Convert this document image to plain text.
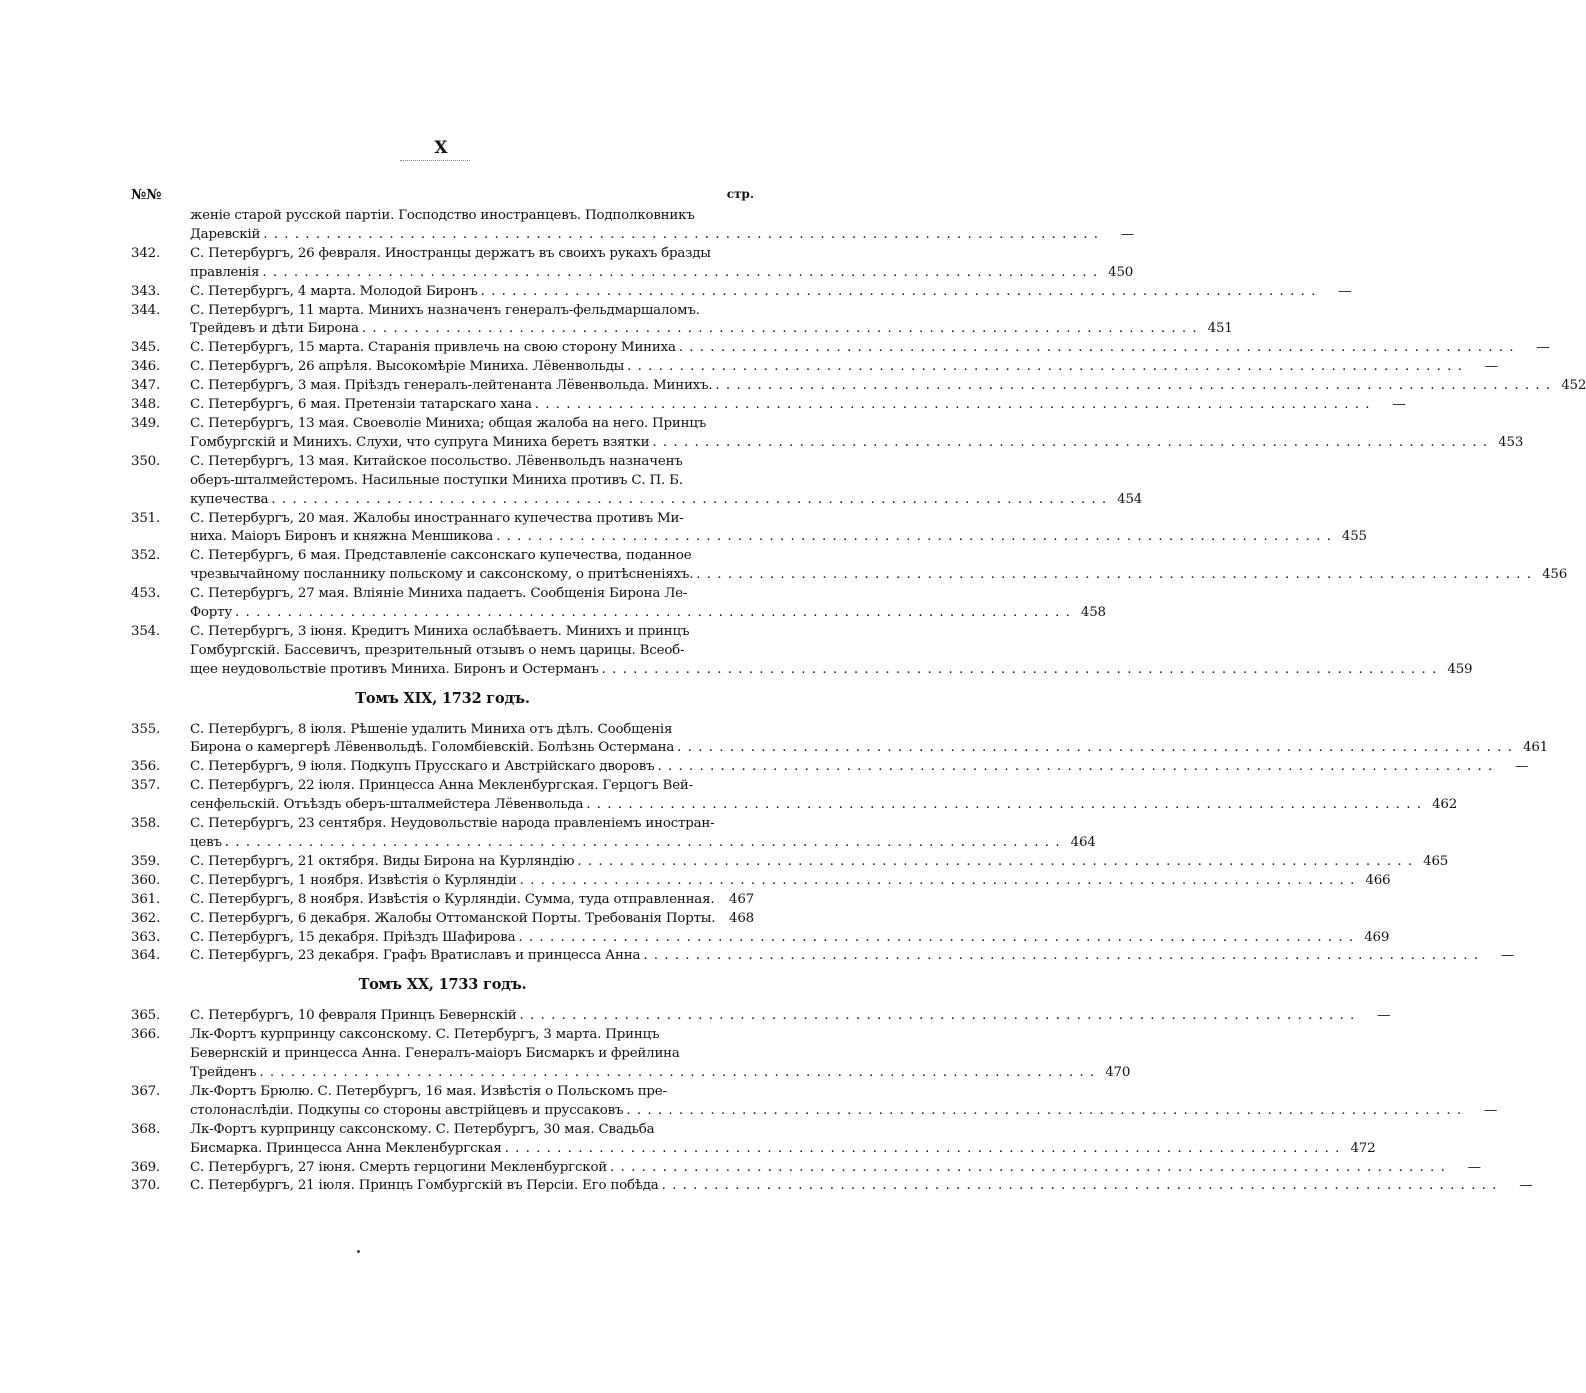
X
№№	стр.
женіе старой русской партіи. Господство иностранцевъ. Подполковникъ
Даревскій . . . . . . . . . . . . . . . . . . . . . . . . . . . . . . . . . . . . . . . . . . . . . . . . . . . . . . . . . . . . . . . . . . . . . . . . . . . . . . . .	—
342.	С. Петербургъ, 26 февраля. Иностранцы держатъ въ своихъ рукахъ бразды
правленія . . . . . . . . . . . . . . . . . . . . . . . . . . . . . . . . . . . . . . . . . . . . . . . . . . . . . . . . . . . . . . . . . . . . . . . . . . . . . . . . 450
343.	С. Петербургъ, 4 марта. Молодой Биронъ . . . . . . . . . . . . . . . . . . . . . . . . . . . . . . . . . . . . . . . . . . . . . . . . . . . . . . . . . . . . . . . . . . . . . . . . . . . . . . . .	—
344.	С. Петербургъ, 11 марта. Минихъ назначенъ генералъ-фельдмаршаломъ.
Трейдевъ и дѣти Бирона . . . . . . . . . . . . . . . . . . . . . . . . . . . . . . . . . . . . . . . . . . . . . . . . . . . . . . . . . . . . . . . . . . . . . . . . . . . . . . . . 451
345.	С. Петербургъ, 15 марта. Старанія привлечь на свою сторону Миниха . . . . . . . . . . . . . . . . . . . . . . . . . . . . . . . . . . . . . . . . . . . . . . . . . . . . . . . . . . . . . . . . . . . . . . . . . . . . . . . .	—
346.	С. Петербургъ, 26 апрѣля. Высокомѣріе Миниха. Лёвенвольды . . . . . . . . . . . . . . . . . . . . . . . . . . . . . . . . . . . . . . . . . . . . . . . . . . . . . . . . . . . . . . . . . . . . . . . . . . . . . . . .	—
347.	С. Петербургъ, 3 мая. Пріѣздъ генералъ-лейтенанта Лёвенвольда. Минихъ. . . . . . . . . . . . . . . . . . . . . . . . . . . . . . . . . . . . . . . . . . . . . . . . . . . . . . . . . . . . . . . . . . . . . . . . . . . . . . . . . 452
348.	С. Петербургъ, 6 мая. Претензіи татарскаго хана . . . . . . . . . . . . . . . . . . . . . . . . . . . . . . . . . . . . . . . . . . . . . . . . . . . . . . . . . . . . . . . . . . . . . . . . . . . . . . . .	—
349.	С. Петербургъ, 13 мая. Своеволіе Миниха; общая жалоба на него. Принцъ
Гомбургскій и Минихъ. Слухи, что супруга Миниха беретъ взятки . . . . . . . . . . . . . . . . . . . . . . . . . . . . . . . . . . . . . . . . . . . . . . . . . . . . . . . . . . . . . . . . . . . . . . . . . . . . . . . . 453
350.	С. Петербургъ, 13 мая. Китайское посольство. Лёвенвольдъ назначенъ
оберъ-шталмейстеромъ. Насильные поступки Миниха противъ С. П. Б.
купечества . . . . . . . . . . . . . . . . . . . . . . . . . . . . . . . . . . . . . . . . . . . . . . . . . . . . . . . . . . . . . . . . . . . . . . . . . . . . . . . . 454
351.	С. Петербургъ, 20 мая. Жалобы иностраннаго купечества противъ Ми-
ниха. Маіоръ Биронъ и княжна Меншикова . . . . . . . . . . . . . . . . . . . . . . . . . . . . . . . . . . . . . . . . . . . . . . . . . . . . . . . . . . . . . . . . . . . . . . . . . . . . . . . . 455
352.	С. Петербургъ, 6 мая. Представленіе саксонскаго купечества, поданное
чрезвычайному посланнику польскому и саксонскому, о притѣсненіяхъ. . . . . . . . . . . . . . . . . . . . . . . . . . . . . . . . . . . . . . . . . . . . . . . . . . . . . . . . . . . . . . . . . . . . . . . . . . . . . . . . . 456
453.	С. Петербургъ, 27 мая. Вліяніе Миниха падаетъ. Сообщенія Бирона Ле-
Форту . . . . . . . . . . . . . . . . . . . . . . . . . . . . . . . . . . . . . . . . . . . . . . . . . . . . . . . . . . . . . . . . . . . . . . . . . . . . . . . . 458
354.	С. Петербургъ, 3 іюня. Кредитъ Миниха ослабѣваетъ. Минихъ и принцъ
Гомбургскій. Бассевичъ, презрительный отзывъ о немъ царицы. Всеоб-
щее неудовольствіе противъ Миниха. Биронъ и Остерманъ . . . . . . . . . . . . . . . . . . . . . . . . . . . . . . . . . . . . . . . . . . . . . . . . . . . . . . . . . . . . . . . . . . . . . . . . . . . . . . . . 459
Томъ XIX, 1732 годъ.
355.	С. Петербургъ, 8 іюля. Рѣшеніе удалить Миниха отъ дѣлъ. Сообщенія
Бирона о камергерѣ Лёвенвольдѣ. Голомбіевскій. Болѣзнь Остермана . . . . . . . . . . . . . . . . . . . . . . . . . . . . . . . . . . . . . . . . . . . . . . . . . . . . . . . . . . . . . . . . . . . . . . . . . . . . . . . . 461
356.	С. Петербургъ, 9 іюля. Подкупъ Прусскаго и Австрійскаго дворовъ . . . . . . . . . . . . . . . . . . . . . . . . . . . . . . . . . . . . . . . . . . . . . . . . . . . . . . . . . . . . . . . . . . . . . . . . . . . . . . . .	—
357.	С. Петербургъ, 22 іюля. Принцесса Анна Мекленбургская. Герцогъ Вей-
сенфельскій. Отъѣздъ оберъ-шталмейстера Лёвенвольда . . . . . . . . . . . . . . . . . . . . . . . . . . . . . . . . . . . . . . . . . . . . . . . . . . . . . . . . . . . . . . . . . . . . . . . . . . . . . . . . 462
358.	С. Петербургъ, 23 сентября. Неудовольствіе народа правленіемъ иностран-
цевъ . . . . . . . . . . . . . . . . . . . . . . . . . . . . . . . . . . . . . . . . . . . . . . . . . . . . . . . . . . . . . . . . . . . . . . . . . . . . . . . . 464
359.	С. Петербургъ, 21 октября. Виды Бирона на Курляндію . . . . . . . . . . . . . . . . . . . . . . . . . . . . . . . . . . . . . . . . . . . . . . . . . . . . . . . . . . . . . . . . . . . . . . . . . . . . . . . . 465
360.	С. Петербургъ, 1 ноября. Извѣстія о Курляндіи . . . . . . . . . . . . . . . . . . . . . . . . . . . . . . . . . . . . . . . . . . . . . . . . . . . . . . . . . . . . . . . . . . . . . . . . . . . . . . . . 466
361.	С. Петербургъ, 8 ноября. Извѣстія о Курляндіи. Сумма, туда отправленная.	467
362.	С. Петербургъ, 6 декабря. Жалобы Оттоманской Порты. Требованія Порты.	468
363.	С. Петербургъ, 15 декабря. Пріѣздъ Шафирова . . . . . . . . . . . . . . . . . . . . . . . . . . . . . . . . . . . . . . . . . . . . . . . . . . . . . . . . . . . . . . . . . . . . . . . . . . . . . . . . 469
364.	С. Петербургъ, 23 декабря. Графъ Вратиславъ и принцесса Анна . . . . . . . . . . . . . . . . . . . . . . . . . . . . . . . . . . . . . . . . . . . . . . . . . . . . . . . . . . . . . . . . . . . . . . . . . . . . . . . .	—
Томъ XX, 1733 годъ.
365.	С. Петербургъ, 10 февраля Принцъ Бевернскій . . . . . . . . . . . . . . . . . . . . . . . . . . . . . . . . . . . . . . . . . . . . . . . . . . . . . . . . . . . . . . . . . . . . . . . . . . . . . . . .	—
366.	Лк-Фортъ курпринцу саксонскому. С. Петербургъ, 3 марта. Принцъ
Бевернскій и принцесса Анна. Генералъ-маіоръ Бисмаркъ и фрейлина
Трейденъ . . . . . . . . . . . . . . . . . . . . . . . . . . . . . . . . . . . . . . . . . . . . . . . . . . . . . . . . . . . . . . . . . . . . . . . . . . . . . . . . 470
367.	Лк-Фортъ Брюлю. С. Петербургъ, 16 мая. Извѣстія о Польскомъ пре-
столонаслѣдіи. Подкупы со стороны австрійцевъ и пруссаковъ . . . . . . . . . . . . . . . . . . . . . . . . . . . . . . . . . . . . . . . . . . . . . . . . . . . . . . . . . . . . . . . . . . . . . . . . . . . . . . . .	—
368.	Лк-Фортъ курпринцу саксонскому. С. Петербургъ, 30 мая. Свадьба
Бисмарка. Принцесса Анна Мекленбургская . . . . . . . . . . . . . . . . . . . . . . . . . . . . . . . . . . . . . . . . . . . . . . . . . . . . . . . . . . . . . . . . . . . . . . . . . . . . . . . . 472
369.	С. Петербургъ, 27 іюня. Смерть герцогини Мекленбургской . . . . . . . . . . . . . . . . . . . . . . . . . . . . . . . . . . . . . . . . . . . . . . . . . . . . . . . . . . . . . . . . . . . . . . . . . . . . . . . .	—
370.	С. Петербургъ, 21 іюля. Принцъ Гомбургскій въ Персіи. Его побѣда . . . . . . . . . . . . . . . . . . . . . . . . . . . . . . . . . . . . . . . . . . . . . . . . . . . . . . . . . . . . . . . . . . . . . . . . . . . . . . . .	—
